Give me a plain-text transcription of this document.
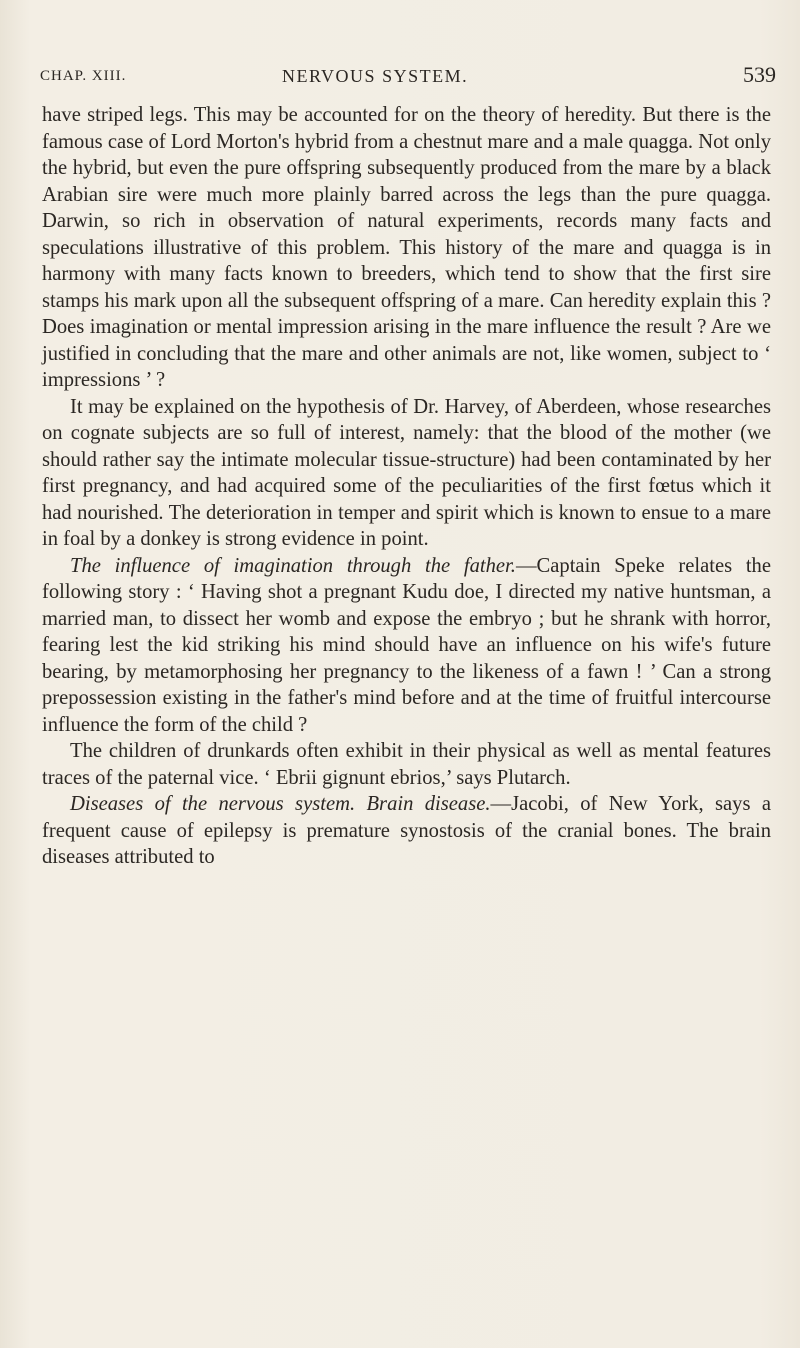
CHAP. XIII.	NERVOUS SYSTEM.	539

have striped legs. This may be accounted for on the theory of heredity. But there is the famous case of Lord Morton's hybrid from a chestnut mare and a male quagga. Not only the hybrid, but even the pure offspring subsequently produced from the mare by a black Arabian sire were much more plainly barred across the legs than the pure quagga. Darwin, so rich in observation of natural experiments, records many facts and speculations illustrative of this problem. This history of the mare and quagga is in harmony with many facts known to breeders, which tend to show that the first sire stamps his mark upon all the subsequent offspring of a mare. Can heredity explain this ? Does imagination or mental impression arising in the mare influence the result ? Are we justified in concluding that the mare and other animals are not, like women, subject to ‘ impressions ’ ?

It may be explained on the hypothesis of Dr. Harvey, of Aberdeen, whose researches on cognate subjects are so full of interest, namely: that the blood of the mother (we should rather say the intimate molecular tissue-structure) had been contaminated by her first pregnancy, and had acquired some of the peculiarities of the first fœtus which it had nourished. The deterioration in temper and spirit which is known to ensue to a mare in foal by a donkey is strong evidence in point.

The influence of imagination through the father.—Captain Speke relates the following story : ‘ Having shot a pregnant Kudu doe, I directed my native huntsman, a married man, to dissect her womb and expose the embryo ; but he shrank with horror, fearing lest the kid striking his mind should have an influence on his wife's future bearing, by metamorphosing her pregnancy to the likeness of a fawn ! ’ Can a strong prepossession existing in the father's mind before and at the time of fruitful intercourse influence the form of the child ?

The children of drunkards often exhibit in their physical as well as mental features traces of the paternal vice. ‘ Ebrii gignunt ebrios,’ says Plutarch.

Diseases of the nervous system. Brain disease.—Jacobi, of New York, says a frequent cause of epilepsy is premature synostosis of the cranial bones. The brain diseases attributed to
